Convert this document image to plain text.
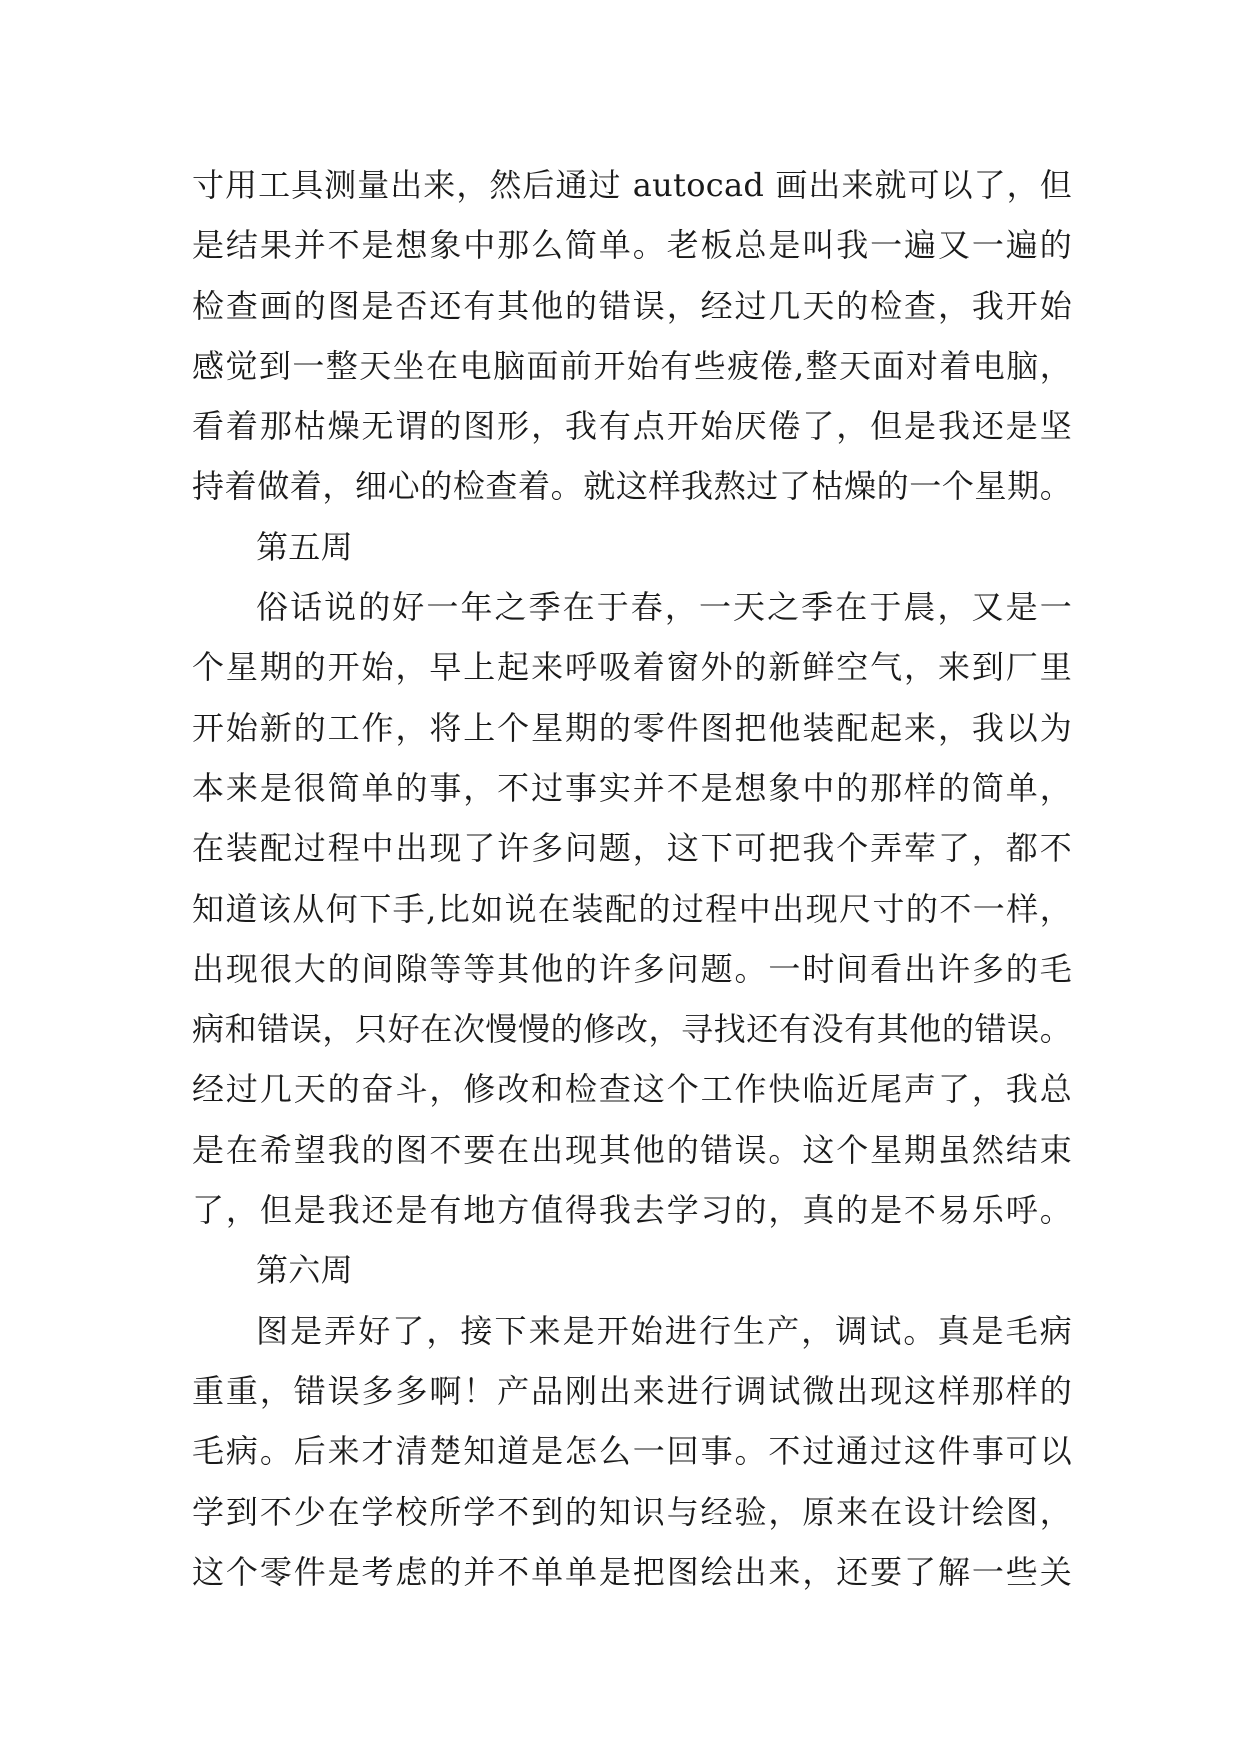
寸用工具测量出来，然后通过 autocad 画出来就可以了，但
是结果并不是想象中那么简单。老板总是叫我一遍又一遍的
检查画的图是否还有其他的错误，经过几天的检查，我开始
感觉到一整天坐在电脑面前开始有些疲倦,整天面对着电脑，
看着那枯燥无谓的图形，我有点开始厌倦了，但是我还是坚
持着做着，细心的检查着。就这样我熬过了枯燥的一个星期。
第五周
俗话说的好一年之季在于春，一天之季在于晨，又是一
个星期的开始，早上起来呼吸着窗外的新鲜空气，来到厂里
开始新的工作，将上个星期的零件图把他装配起来，我以为
本来是很简单的事，不过事实并不是想象中的那样的简单，
在装配过程中出现了许多问题，这下可把我个弄荤了，都不
知道该从何下手,比如说在装配的过程中出现尺寸的不一样，
出现很大的间隙等等其他的许多问题。一时间看出许多的毛
病和错误，只好在次慢慢的修改，寻找还有没有其他的错误。
经过几天的奋斗，修改和检查这个工作快临近尾声了，我总
是在希望我的图不要在出现其他的错误。这个星期虽然结束
了，但是我还是有地方值得我去学习的，真的是不易乐呼。
第六周
图是弄好了，接下来是开始进行生产，调试。真是毛病
重重，错误多多啊！产品刚出来进行调试微出现这样那样的
毛病。后来才清楚知道是怎么一回事。不过通过这件事可以
学到不少在学校所学不到的知识与经验，原来在设计绘图，
这个零件是考虑的并不单单是把图绘出来，还要了解一些关
